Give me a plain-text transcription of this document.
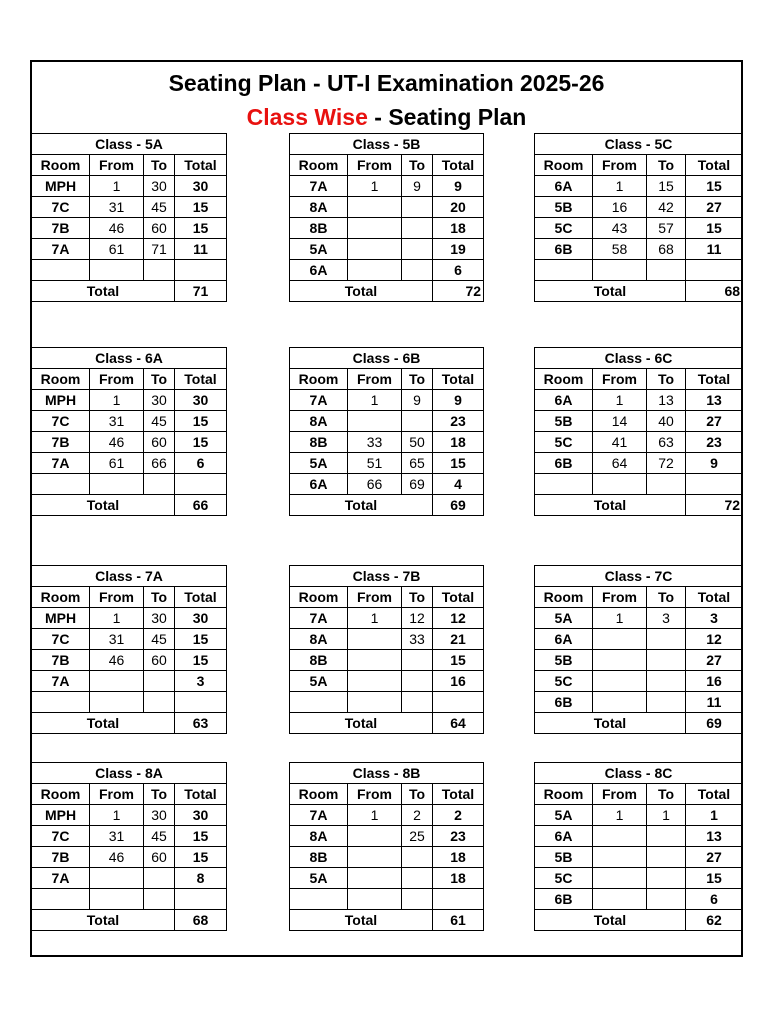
Seating Plan - UT-I Examination 2025-26
Class Wise - Seating Plan
Class - 5A			
Room	From	To	Total
MPH	1	30	30
7C	31	45	15
7B	46	60	15
7A	61	71	11

Total			71
Class - 5B			
Room	From	To	Total
7A	1	9	9
8A			20
8B			18
5A			19
6A			6
Total			72
Class - 5C			
Room	From	To	Total
6A	1	15	15
5B	16	42	27
5C	43	57	15
6B	58	68	11

Total			68
Class - 6A			
Room	From	To	Total
MPH	1	30	30
7C	31	45	15
7B	46	60	15
7A	61	66	6

Total			66
Class - 6B			
Room	From	To	Total
7A	1	9	9
8A			23
8B	33	50	18
5A	51	65	15
6A	66	69	4
Total			69
Class - 6C			
Room	From	To	Total
6A	1	13	13
5B	14	40	27
5C	41	63	23
6B	64	72	9

Total			72
Class - 7A			
Room	From	To	Total
MPH	1	30	30
7C	31	45	15
7B	46	60	15
7A			3

Total			63
Class - 7B			
Room	From	To	Total
7A	1	12	12
8A		33	21
8B			15
5A			16

Total			64
Class - 7C			
Room	From	To	Total
5A	1	3	3
6A			12
5B			27
5C			16
6B			11
Total			69
Class - 8A			
Room	From	To	Total
MPH	1	30	30
7C	31	45	15
7B	46	60	15
7A			8

Total			68
Class - 8B			
Room	From	To	Total
7A	1	2	2
8A		25	23
8B			18
5A			18

Total			61
Class - 8C			
Room	From	To	Total
5A	1	1	1
6A			13
5B			27
5C			15
6B			6
Total			62
